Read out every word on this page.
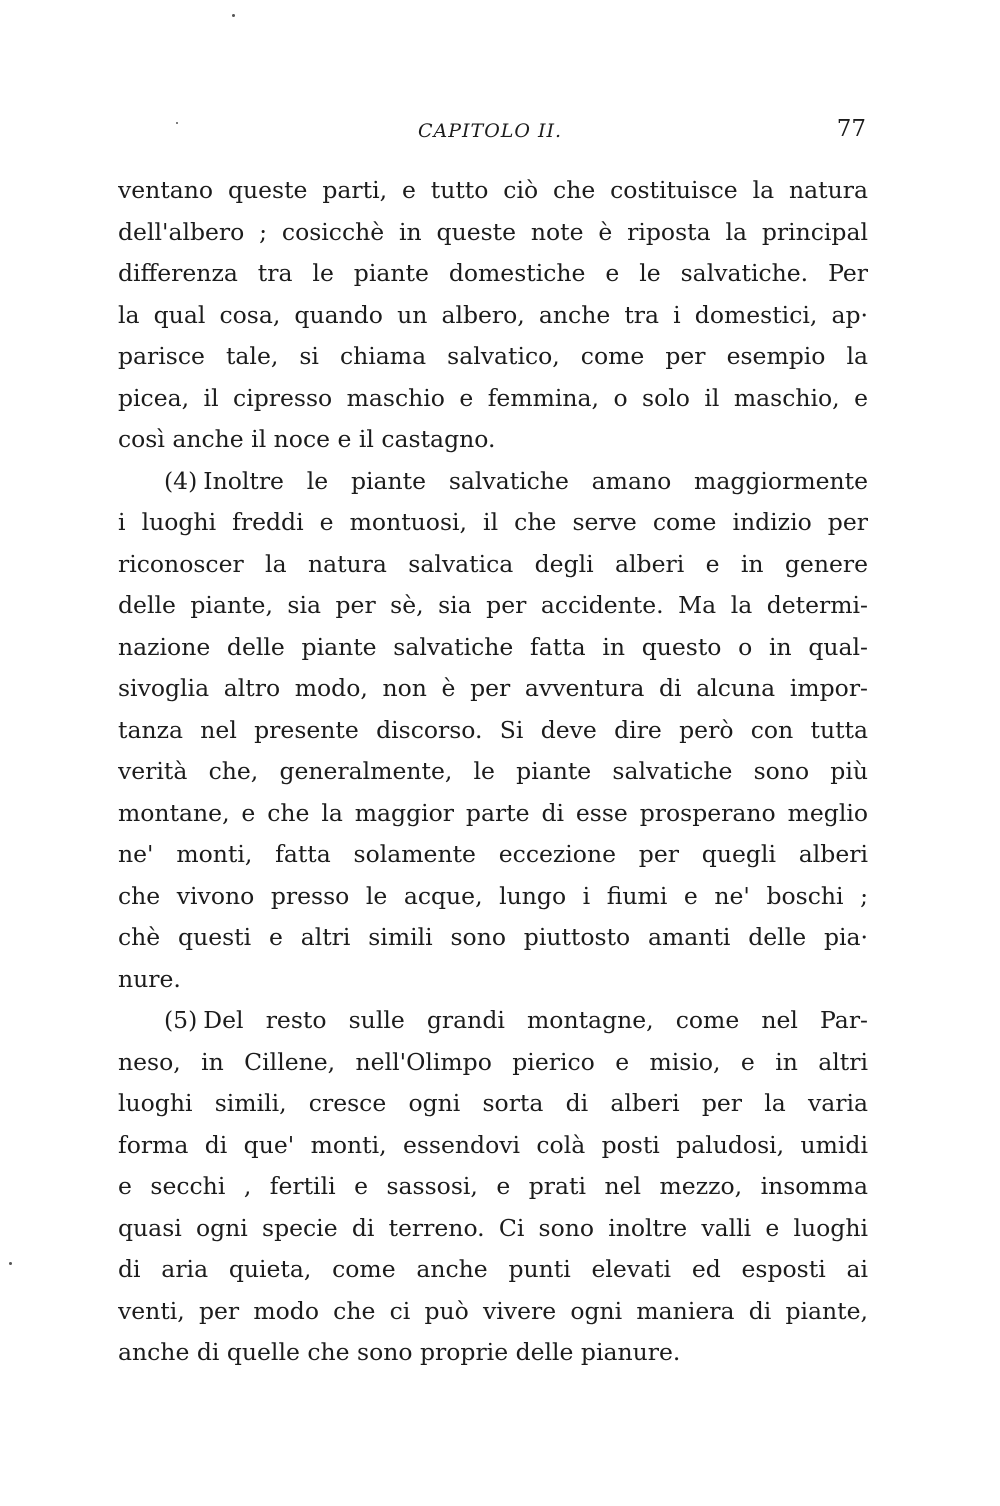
CAPITOLO II.	77
ventano queste parti, e tutto ciò che costituisce la natura
dell'albero ; cosicchè in queste note è riposta la principal
differenza tra le piante domestiche e le salvatiche. Per
la qual cosa, quando un albero, anche tra i domestici, ap·
parisce tale, si chiama salvatico, come per esempio la
picea, il cipresso maschio e femmina, o solo il maschio, e
così anche il noce e il castagno.
(4) Inoltre le piante salvatiche amano maggiormente
i luoghi freddi e montuosi, il che serve come indizio per
riconoscer la natura salvatica degli alberi e in genere
delle piante, sia per sè, sia per accidente. Ma la determi-
nazione delle piante salvatiche fatta in questo o in qual-
sivoglia altro modo, non è per avventura di alcuna impor-
tanza nel presente discorso. Si deve dire però con tutta
verità che, generalmente, le piante salvatiche sono più
montane, e che la maggior parte di esse prosperano meglio
ne' monti, fatta solamente eccezione per quegli alberi
che vivono presso le acque, lungo i fiumi e ne' boschi ;
chè questi e altri simili sono piuttosto amanti delle pia·
nure.
(5) Del resto sulle grandi montagne, come nel Par-
neso, in Cillene, nell'Olimpo pierico e misio, e in altri
luoghi simili, cresce ogni sorta di alberi per la varia
forma di que' monti, essendovi colà posti paludosi, umidi
e secchi , fertili e sassosi, e prati nel mezzo, insomma
quasi ogni specie di terreno. Ci sono inoltre valli e luoghi
di aria quieta, come anche punti elevati ed esposti ai
venti, per modo che ci può vivere ogni maniera di piante,
anche di quelle che sono proprie delle pianure.
